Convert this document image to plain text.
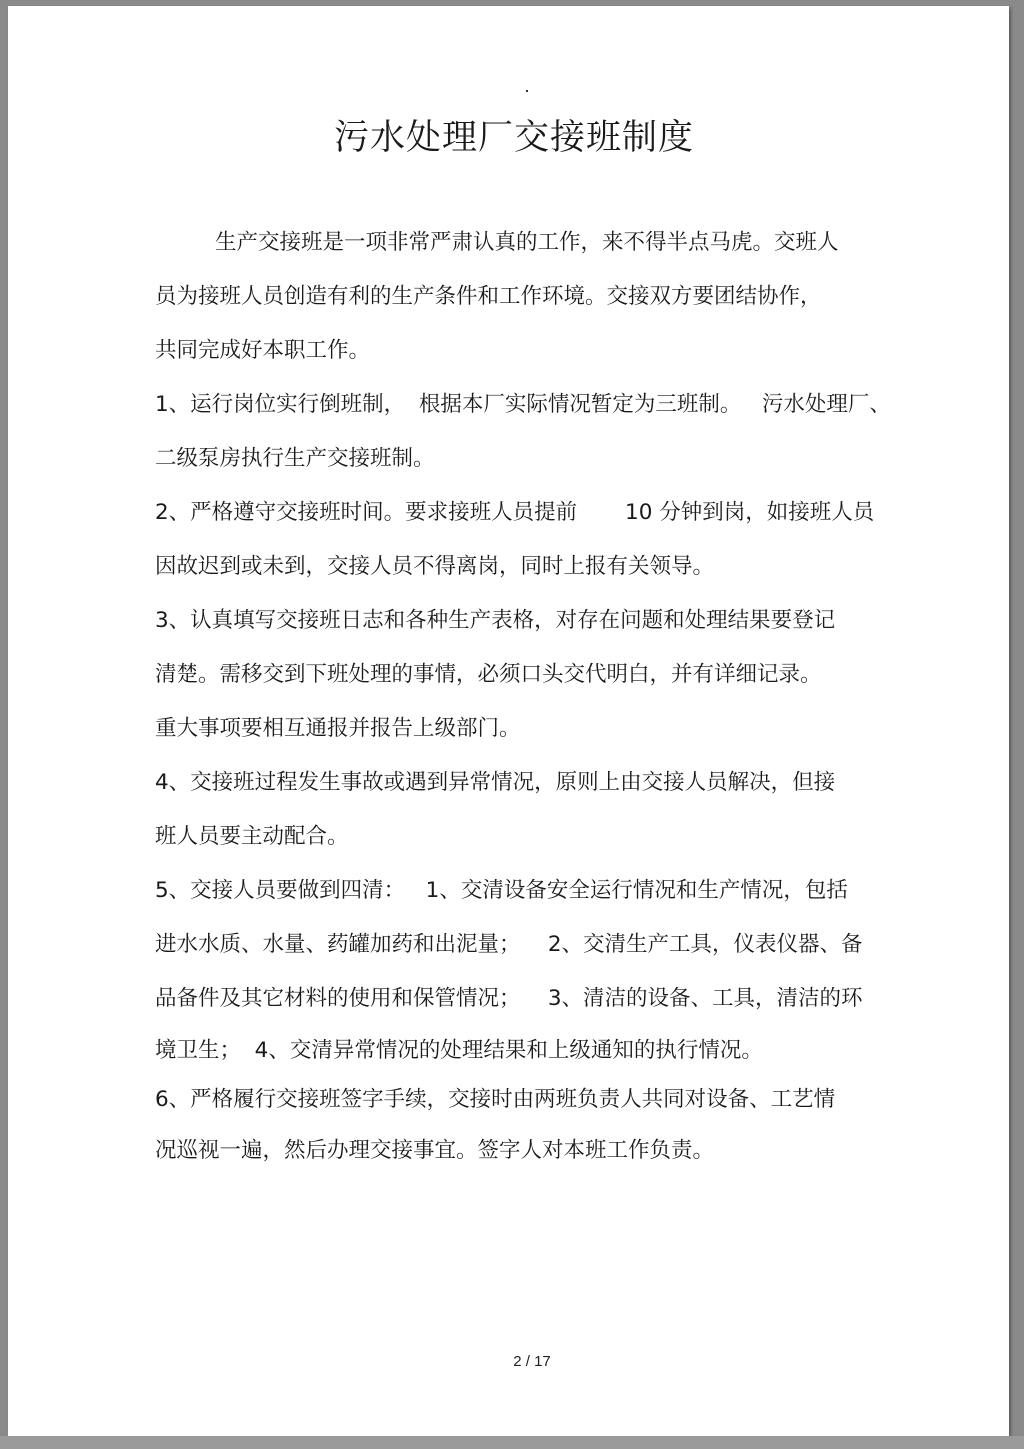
污水处理厂交接班制度
生产交接班是一项非常严肃认真的工作，来不得半点马虎。交班人
员为接班人员创造有利的生产条件和工作环境。交接双方要团结协作，
共同完成好本职工作。
1、运行岗位实行倒班制，  根据本厂实际情况暂定为三班制。   污水处理厂、
二级泵房执行生产交接班制。
2、严格遵守交接班时间。要求接班人员提前       10 分钟到岗，如接班人员
因故迟到或未到，交接人员不得离岗，同时上报有关领导。
3、认真填写交接班日志和各种生产表格，对存在问题和处理结果要登记
清楚。需移交到下班处理的事情，必须口头交代明白，并有详细记录。
重大事项要相互通报并报告上级部门。
4、交接班过程发生事故或遇到异常情况，原则上由交接人员解决，但接
班人员要主动配合。
5、交接人员要做到四清：   1、交清设备安全运行情况和生产情况，包括
进水水质、水量、药罐加药和出泥量；    2、交清生产工具，仪表仪器、备
品备件及其它材料的使用和保管情况；    3、清洁的设备、工具，清洁的环
境卫生；  4、交清异常情况的处理结果和上级通知的执行情况。
6、严格履行交接班签字手续，交接时由两班负责人共同对设备、工艺情
况巡视一遍，然后办理交接事宜。签字人对本班工作负责。
2 / 17
